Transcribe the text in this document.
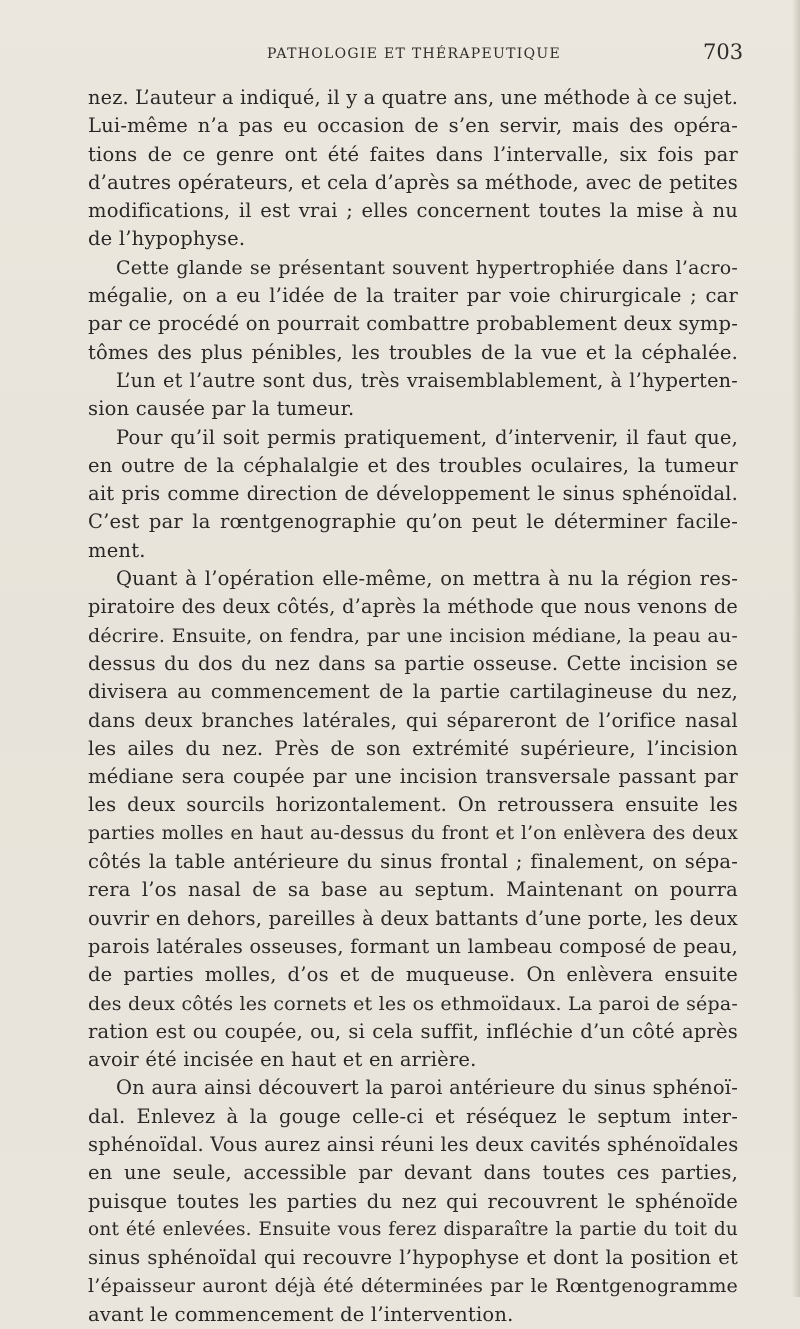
PATHOLOGIE ET THÉRAPEUTIQUE	703
nez. L’auteur a indiqué, il y a quatre ans, une méthode à ce sujet.
Lui-même n’a pas eu occasion de s’en servir, mais des opéra-
tions de ce genre ont été faites dans l’intervalle, six fois par
d’autres opérateurs, et cela d’après sa méthode, avec de petites
modifications, il est vrai ; elles concernent toutes la mise à nu
de l’hypophyse.
Cette glande se présentant souvent hypertrophiée dans l’acro-
mégalie, on a eu l’idée de la traiter par voie chirurgicale ; car
par ce procédé on pourrait combattre probablement deux symp-
tômes des plus pénibles, les troubles de la vue et la céphalée.
L’un et l’autre sont dus, très vraisemblablement, à l’hyperten-
sion causée par la tumeur.
Pour qu’il soit permis pratiquement, d’intervenir, il faut que,
en outre de la céphalalgie et des troubles oculaires, la tumeur
ait pris comme direction de développement le sinus sphénoïdal.
C’est par la rœntgenographie qu’on peut le déterminer facile-
ment.
Quant à l’opération elle-même, on mettra à nu la région res-
piratoire des deux côtés, d’après la méthode que nous venons de
décrire. Ensuite, on fendra, par une incision médiane, la peau au-
dessus du dos du nez dans sa partie osseuse. Cette incision se
divisera au commencement de la partie cartilagineuse du nez,
dans deux branches latérales, qui sépareront de l’orifice nasal
les ailes du nez. Près de son extrémité supérieure, l’incision
médiane sera coupée par une incision transversale passant par
les deux sourcils horizontalement. On retroussera ensuite les
parties molles en haut au-dessus du front et l’on enlèvera des deux
côtés la table antérieure du sinus frontal ; finalement, on sépa-
rera l’os nasal de sa base au septum. Maintenant on pourra
ouvrir en dehors, pareilles à deux battants d’une porte, les deux
parois latérales osseuses, formant un lambeau composé de peau,
de parties molles, d’os et de muqueuse. On enlèvera ensuite
des deux côtés les cornets et les os ethmoïdaux. La paroi de sépa-
ration est ou coupée, ou, si cela suffit, infléchie d’un côté après
avoir été incisée en haut et en arrière.
On aura ainsi découvert la paroi antérieure du sinus sphénoï-
dal. Enlevez à la gouge celle-ci et réséquez le septum inter-
sphénoïdal. Vous aurez ainsi réuni les deux cavités sphénoïdales
en une seule, accessible par devant dans toutes ces parties,
puisque toutes les parties du nez qui recouvrent le sphénoïde
ont été enlevées. Ensuite vous ferez disparaître la partie du toit du
sinus sphénoïdal qui recouvre l’hypophyse et dont la position et
l’épaisseur auront déjà été déterminées par le Rœntgenogramme
avant le commencement de l’intervention.
